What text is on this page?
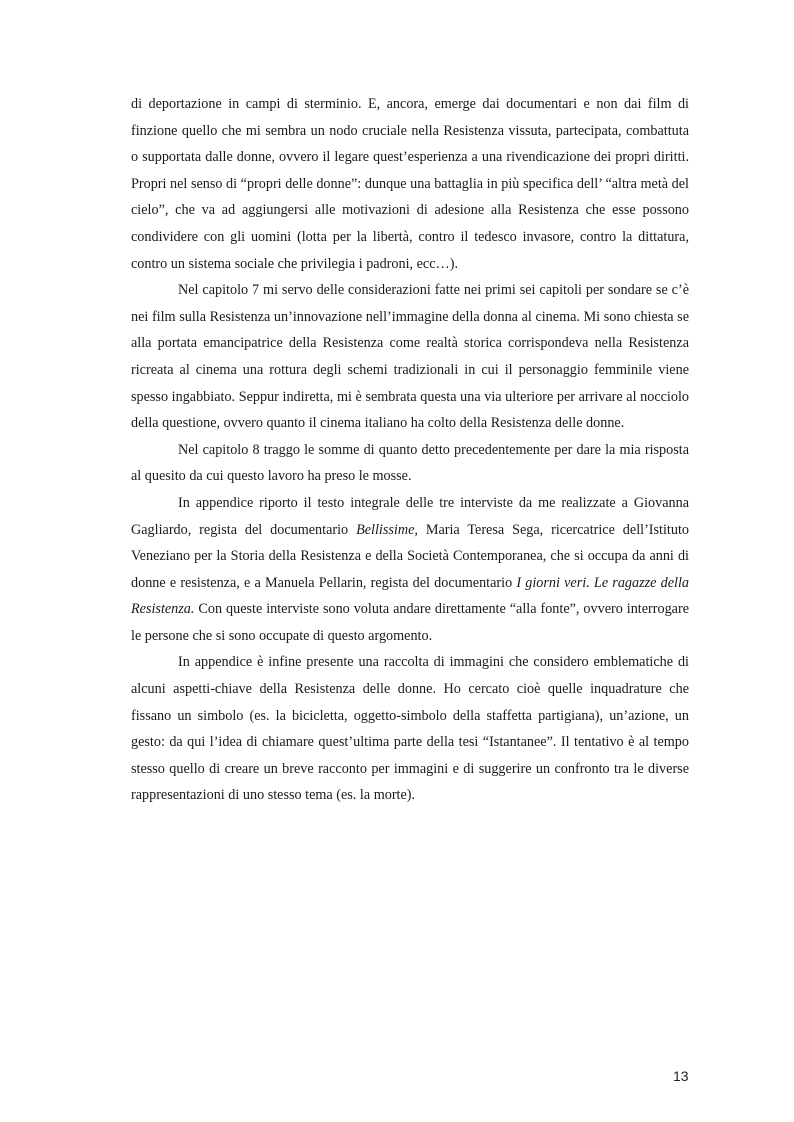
di deportazione in campi di sterminio. E, ancora, emerge dai documentari e non dai film di finzione quello che mi sembra un nodo cruciale nella Resistenza vissuta, partecipata, combattuta o supportata dalle donne, ovvero il legare quest’esperienza a una rivendicazione dei propri diritti. Propri nel senso di “propri delle donne”: dunque una battaglia in più specifica dell’ “altra metà del cielo”, che va ad aggiungersi alle motivazioni di adesione alla Resistenza che esse possono condividere con gli uomini (lotta per la libertà, contro il tedesco invasore, contro la dittatura, contro un sistema sociale che privilegia i padroni, ecc…).

Nel capitolo 7 mi servo delle considerazioni fatte nei primi sei capitoli per sondare se c’è nei film sulla Resistenza un’innovazione nell’immagine della donna al cinema. Mi sono chiesta se alla portata emancipatrice della Resistenza come realtà storica corrispondeva nella Resistenza ricreata al cinema una rottura degli schemi tradizionali in cui il personaggio femminile viene spesso ingabbiato. Seppur indiretta, mi è sembrata questa una via ulteriore per arrivare al nocciolo della questione, ovvero quanto il cinema italiano ha colto della Resistenza delle donne.

Nel capitolo 8 traggo le somme di quanto detto precedentemente per dare la mia risposta al quesito da cui questo lavoro ha preso le mosse.

In appendice riporto il testo integrale delle tre interviste da me realizzate a Giovanna Gagliardo, regista del documentario Bellissime, Maria Teresa Sega, ricercatrice dell’Istituto Veneziano per la Storia della Resistenza e della Società Contemporanea, che si occupa da anni di donne e resistenza, e a Manuela Pellarin, regista del documentario I giorni veri. Le ragazze della Resistenza. Con queste interviste sono voluta andare direttamente “alla fonte”, ovvero interrogare le persone che si sono occupate di questo argomento.

In appendice è infine presente una raccolta di immagini che considero emblematiche di alcuni aspetti-chiave della Resistenza delle donne. Ho cercato cioè quelle inquadrature che fissano un simbolo (es. la bicicletta, oggetto-simbolo della staffetta partigiana), un’azione, un gesto: da qui l’idea di chiamare quest’ultima parte della tesi “Istantanee”. Il tentativo è al tempo stesso quello di creare un breve racconto per immagini e di suggerire un confronto tra le diverse rappresentazioni di uno stesso tema (es. la morte).

13
